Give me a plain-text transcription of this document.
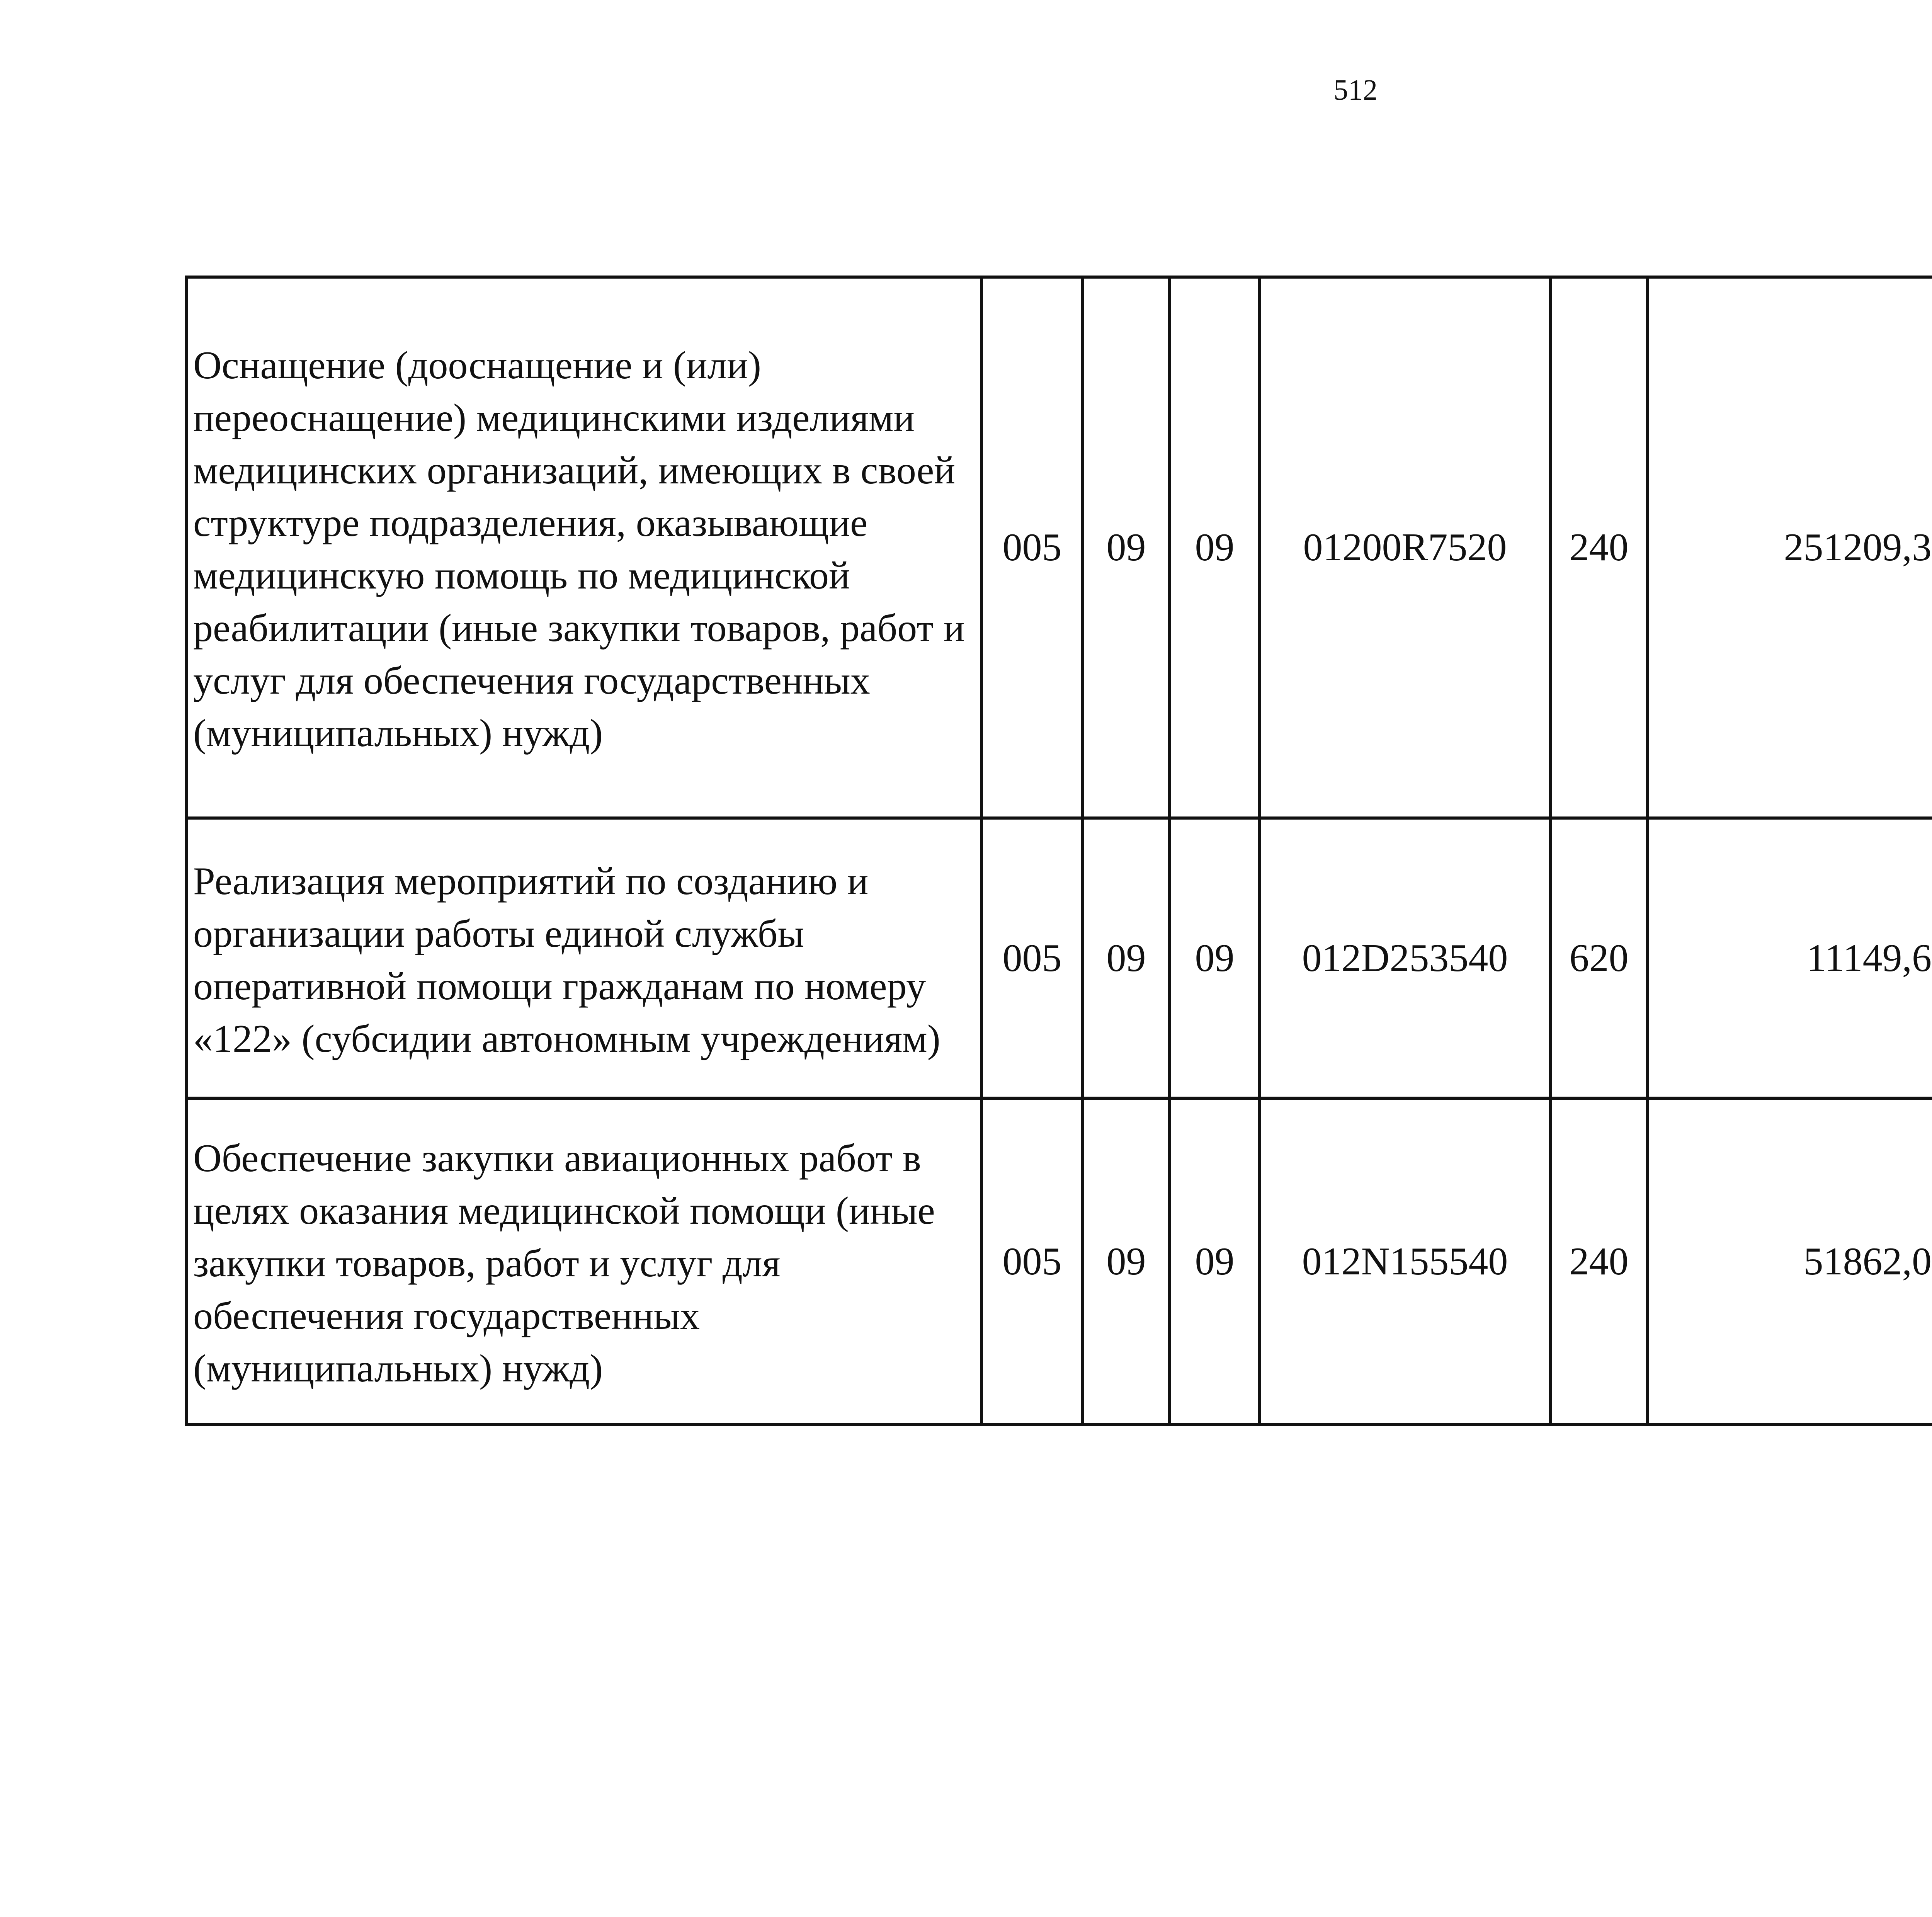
512
Оснащение (дооснащение и (или) переоснащение) медицинскими изделиями медицинских организаций, имеющих в своей структуре подразделения, оказывающие медицинскую помощь по медицинской реабилитации (иные закупки товаров, работ и услуг для обеспечения государственных (муниципальных) нужд)	005	09	09	01200R7520	240	251209,3		
Реализация мероприятий по созданию и организации работы единой службы оперативной помощи гражданам по номеру «122» (субсидии автономным учреждениям)	005	09	09	012D253540	620	11149,6		
Обеспечение закупки авиационных работ в целях оказания медицинской помощи (иные закупки товаров, работ и услуг для обеспечения государственных (муниципальных) нужд)	005	09	09	012N155540	240	51862,0		
